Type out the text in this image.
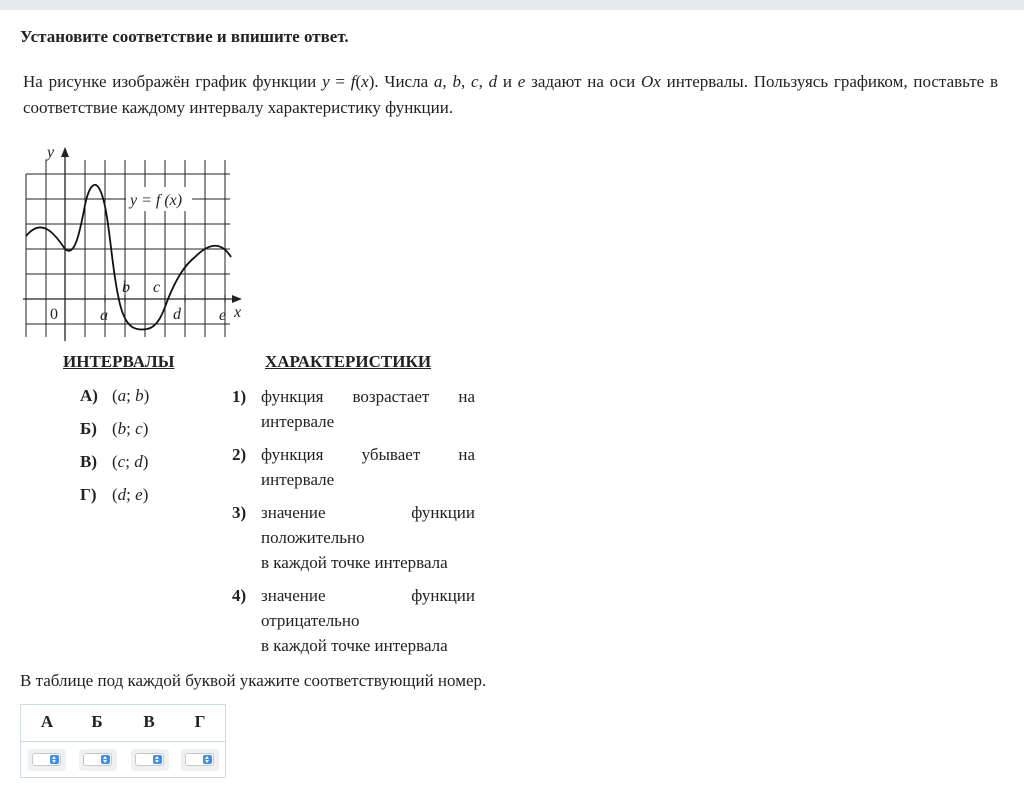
Установите соответствие и впишите ответ.
На рисунке изображён график функции y = f(x). Числа a, b, c, d и e задают на оси Ox интервалы. Пользуясь графиком, поставьте в соответствие каждому интервалу характеристику функции.
y
x
0	a
b c
d e
y = f (x)
ИНТЕРВАЛЫ	ХАРАКТЕРИСТИКИ
А) (a; b)
Б) (b; c)
В) (c; d)
Г) (d; e)
1) функция возрастает на
интервале
2) функция убывает на
интервале
3) значение функции
положительно
в каждой точке интервала
4) значение функции
отрицательно
в каждой точке интервала
В таблице под каждой буквой укажите соответствующий номер.
А	Б	В	Г
